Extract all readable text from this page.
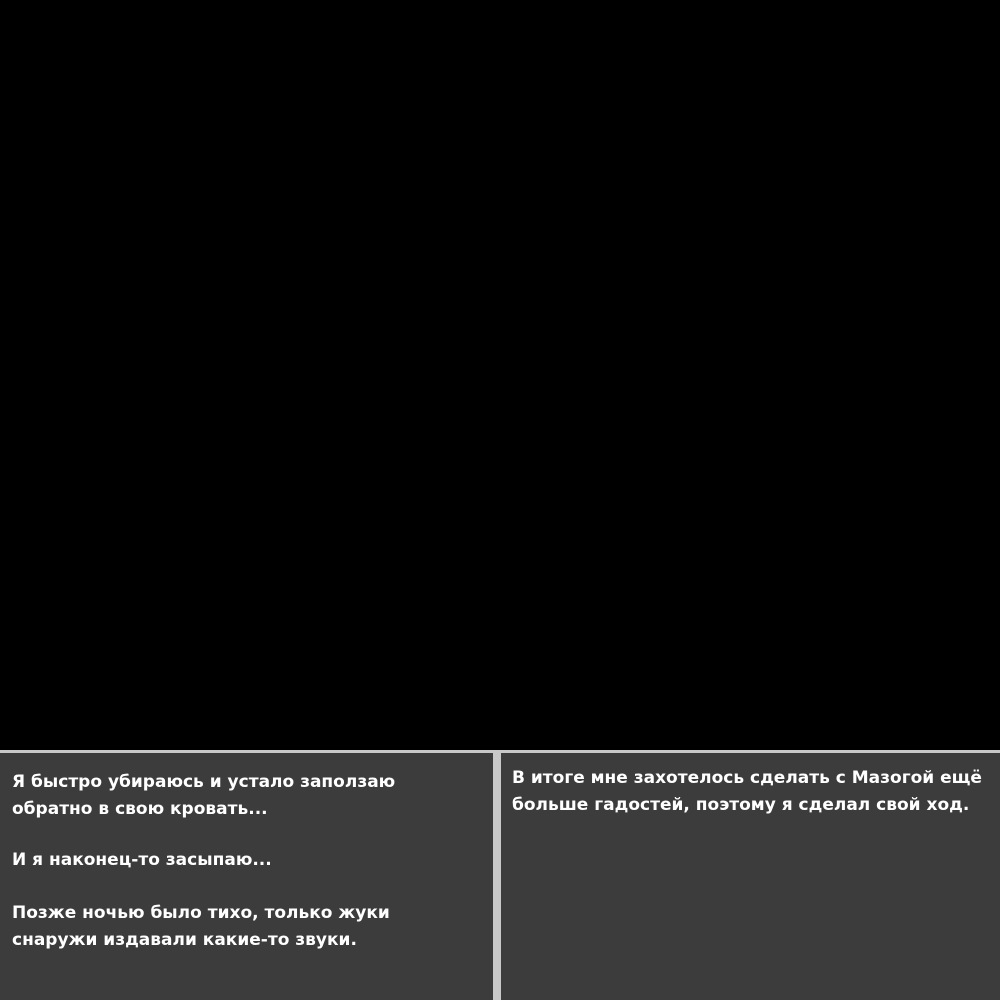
Я быстро убираюсь и устало заползаю
обратно в свою кровать...
И я наконец-то засыпаю...
Позже ночью было тихо, только жуки
снаружи издавали какие-то звуки.
В итоге мне захотелось сделать с Мазогой ещё
больше гадостей, поэтому я сделал свой ход.
